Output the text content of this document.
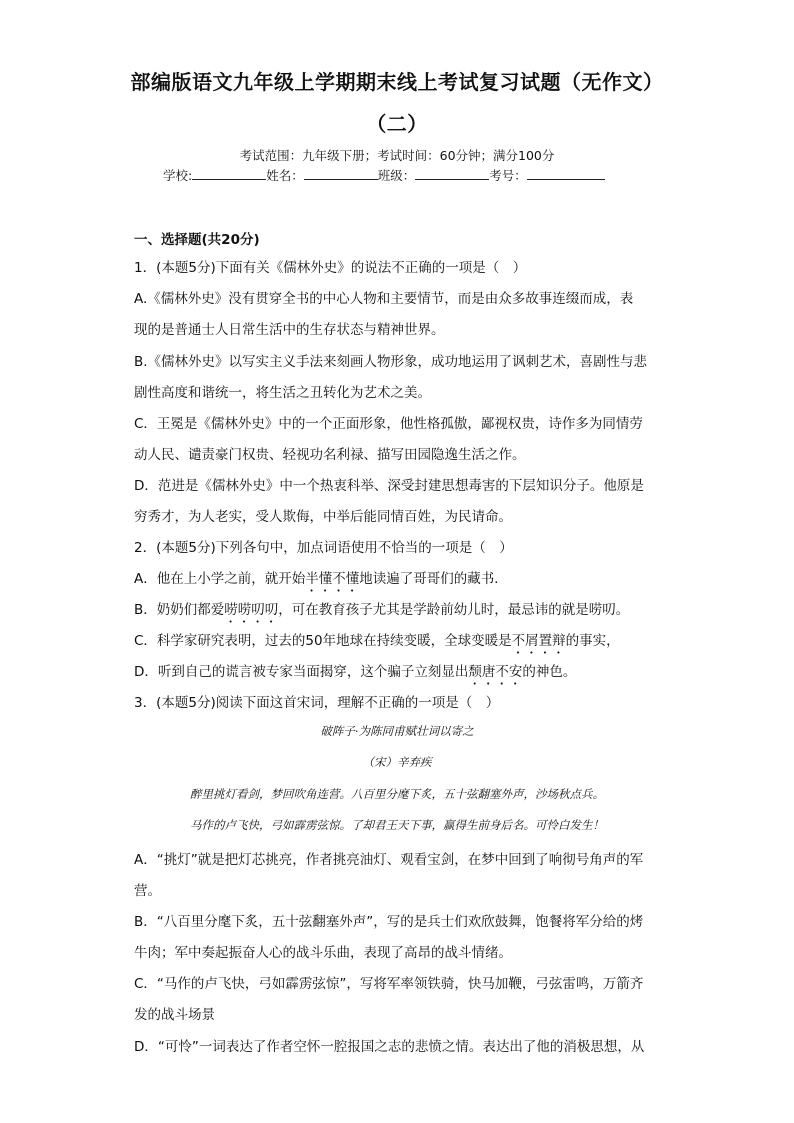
部编版语文九年级上学期期末线上考试复习试题（无作文）
（二）
考试范围：九年级下册；考试时间：60分钟；满分100分
学校:	姓名：	班级：	考号：
一、选择题(共20分)
1．(本题5分)下面有关《儒林外史》的说法不正确的一项是（　）
A.《儒林外史》没有贯穿全书的中心人物和主要情节，而是由众多故事连缀而成，表
现的是普通士人日常生活中的生存状态与精神世界。
B.《儒林外史》以写实主义手法来刻画人物形象，成功地运用了讽刺艺术，喜剧性与悲
剧性高度和谐统一，将生活之丑转化为艺术之美。
C．王冕是《儒林外史》中的一个正面形象，他性格孤傲，鄙视权贵，诗作多为同情劳
动人民、谴责豪门权贵、轻视功名利禄、描写田园隐逸生活之作。
D．范进是《儒林外史》中一个热衷科举、深受封建思想毒害的下层知识分子。他原是
穷秀才，为人老实，受人欺侮，中举后能同情百姓，为民请命。
2．(本题5分)下列各句中，加点词语使用不恰当的一项是（　）
A．他在上小学之前，就开始半懂不懂地读遍了哥哥们的藏书．
B．奶奶们都爱唠唠叨叨，可在教育孩子尤其是学龄前幼儿时，最忌讳的就是唠叨。
C．科学家研究表明，过去的50年地球在持续变暖，全球变暖是不屑置辩的事实，
D．听到自己的谎言被专家当面揭穿，这个骗子立刻显出颓唐不安的神色。
3．(本题5分)阅读下面这首宋词，理解不正确的一项是（　）
破阵子·为陈同甫赋壮词以寄之
（宋）辛弃疾
醉里挑灯看剑，梦回吹角连营。八百里分麾下炙，五十弦翻塞外声，沙场秋点兵。
马作的卢飞快，弓如霹雳弦惊。了却君王天下事，赢得生前身后名。可怜白发生！
A．“挑灯”就是把灯芯挑亮，作者挑亮油灯、观看宝剑，在梦中回到了响彻号角声的军
营。
B．“八百里分麾下炙，五十弦翻塞外声”，写的是兵士们欢欣鼓舞，饱餐将军分给的烤
牛肉；军中奏起振奋人心的战斗乐曲，表现了高昂的战斗情绪。
C．“马作的卢飞快，弓如霹雳弦惊”，写将军率领铁骑，快马加鞭，弓弦雷鸣，万箭齐
发的战斗场景
D．“可怜”一词表达了作者空怀一腔报国之志的悲愤之情。表达出了他的消极思想，从
